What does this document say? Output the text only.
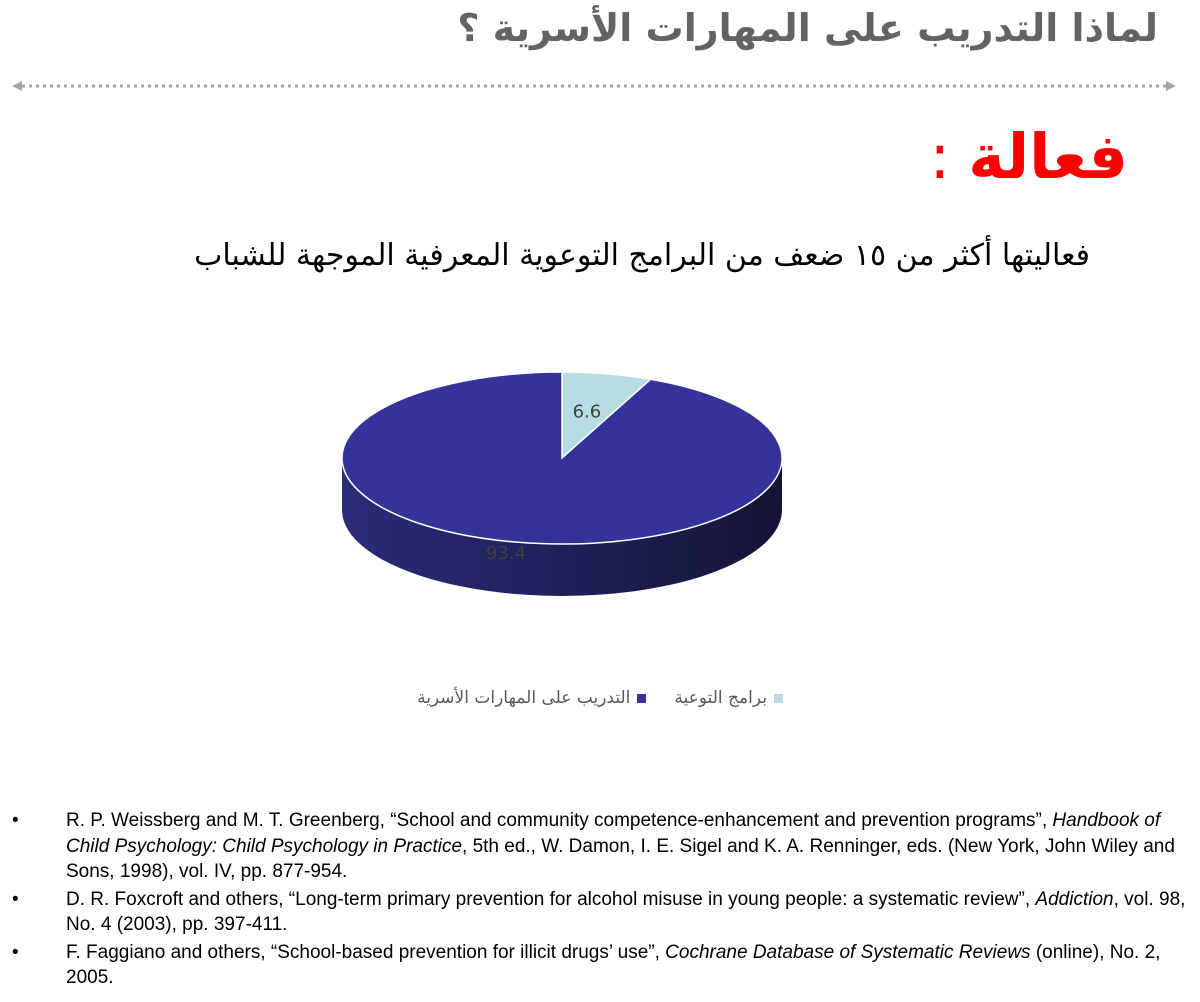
لماذا التدريب على المهارات الأسرية ؟
فعالة:
فعاليتها أكثر من ١٥ ضعف من البرامج التوعوية المعرفية الموجهة للشباب
6.6
93.4
برامج التوعية
التدريب على المهارات الأسرية
•	R. P. Weissberg and M. T. Greenberg, “School and community competence-enhancement and prevention programs”, Handbook of Child Psychology: Child Psychology in Practice, 5th ed., W. Damon, I. E. Sigel and K. A. Renninger, eds. (New York, John Wiley and Sons, 1998), vol. IV, pp. 877-954.
•	D. R. Foxcroft and others, “Long-term primary prevention for alcohol misuse in young people: a systematic review”, Addiction, vol. 98, No. 4 (2003), pp. 397-411.
•	F. Faggiano and others, “School-based prevention for illicit drugs’ use”, Cochrane Database of Systematic Reviews (online), No. 2, 2005.
